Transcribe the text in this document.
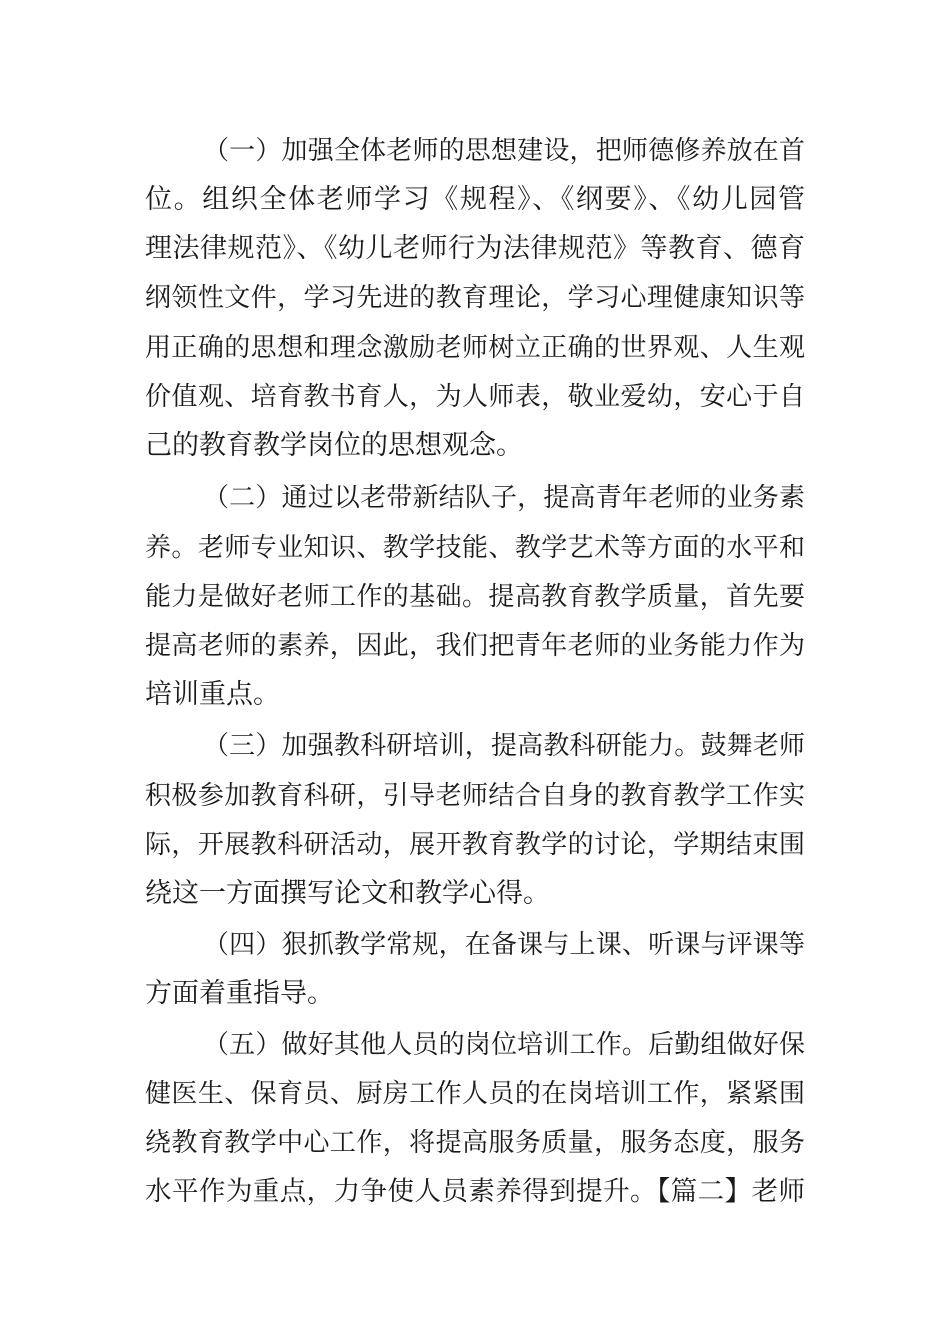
（一）加强全体老师的思想建设，把师德修养放在首
位。组织全体老师学习《规程》、《纲要》、《幼儿园管
理法律规范》、《幼儿老师行为法律规范》等教育、德育
纲领性文件，学习先进的教育理论，学习心理健康知识等
用正确的思想和理念激励老师树立正确的世界观、人生观
价值观、培育教书育人，为人师表，敬业爱幼，安心于自
己的教育教学岗位的思想观念。
（二）通过以老带新结队子，提高青年老师的业务素
养。老师专业知识、教学技能、教学艺术等方面的水平和
能力是做好老师工作的基础。提高教育教学质量，首先要
提高老师的素养，因此，我们把青年老师的业务能力作为
培训重点。
（三）加强教科研培训，提高教科研能力。鼓舞老师
积极参加教育科研，引导老师结合自身的教育教学工作实
际，开展教科研活动，展开教育教学的讨论，学期结束围
绕这一方面撰写论文和教学心得。
（四）狠抓教学常规，在备课与上课、听课与评课等
方面着重指导。
（五）做好其他人员的岗位培训工作。后勤组做好保
健医生、保育员、厨房工作人员的在岗培训工作，紧紧围
绕教育教学中心工作，将提高服务质量，服务态度，服务
水平作为重点，力争使人员素养得到提升。【篇二】老师
